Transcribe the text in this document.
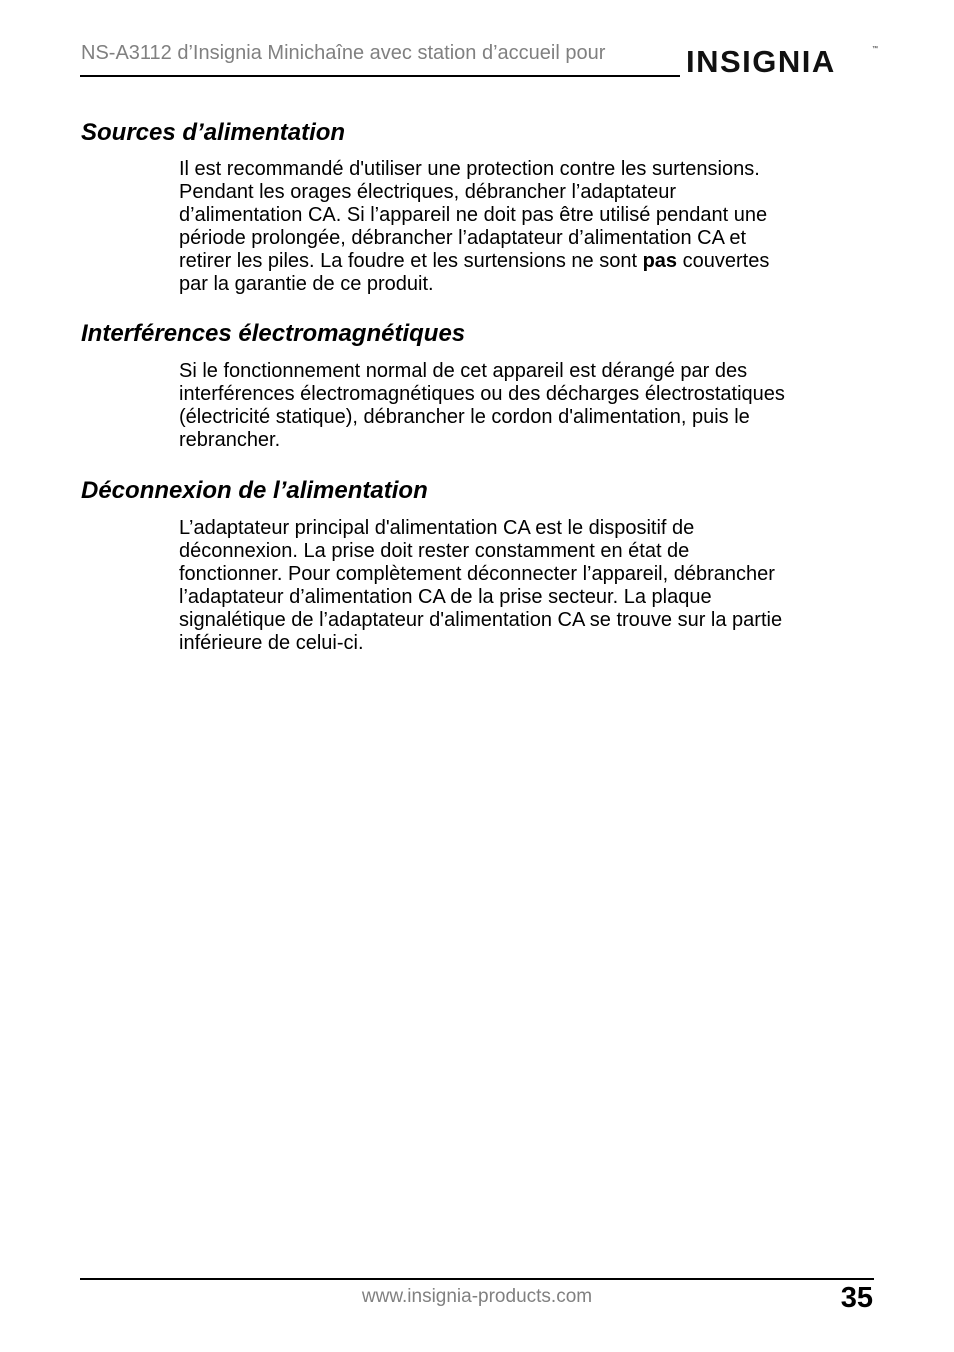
NS-A3112 d’Insignia Minichaîne avec station d’accueil pour	INSIGNIA	™
Sources d’alimentation
Il est recommandé d'utiliser une protection contre les surtensions.
Pendant les orages électriques, débrancher l’adaptateur
d’alimentation CA. Si l’appareil ne doit pas être utilisé pendant une
période prolongée, débrancher l’adaptateur d’alimentation CA et
retirer les piles. La foudre et les surtensions ne sont pas couvertes
par la garantie de ce produit.
Interférences électromagnétiques
Si le fonctionnement normal de cet appareil est dérangé par des
interférences électromagnétiques ou des décharges électrostatiques
(électricité statique), débrancher le cordon d'alimentation, puis le
rebrancher.
Déconnexion de l’alimentation
L’adaptateur principal d'alimentation CA est le dispositif de
déconnexion. La prise doit rester constamment en état de
fonctionner. Pour complètement déconnecter l’appareil, débrancher
l’adaptateur d’alimentation CA de la prise secteur. La plaque
signalétique de l’adaptateur d'alimentation CA se trouve sur la partie
inférieure de celui-ci.
www.insignia-products.com	35
